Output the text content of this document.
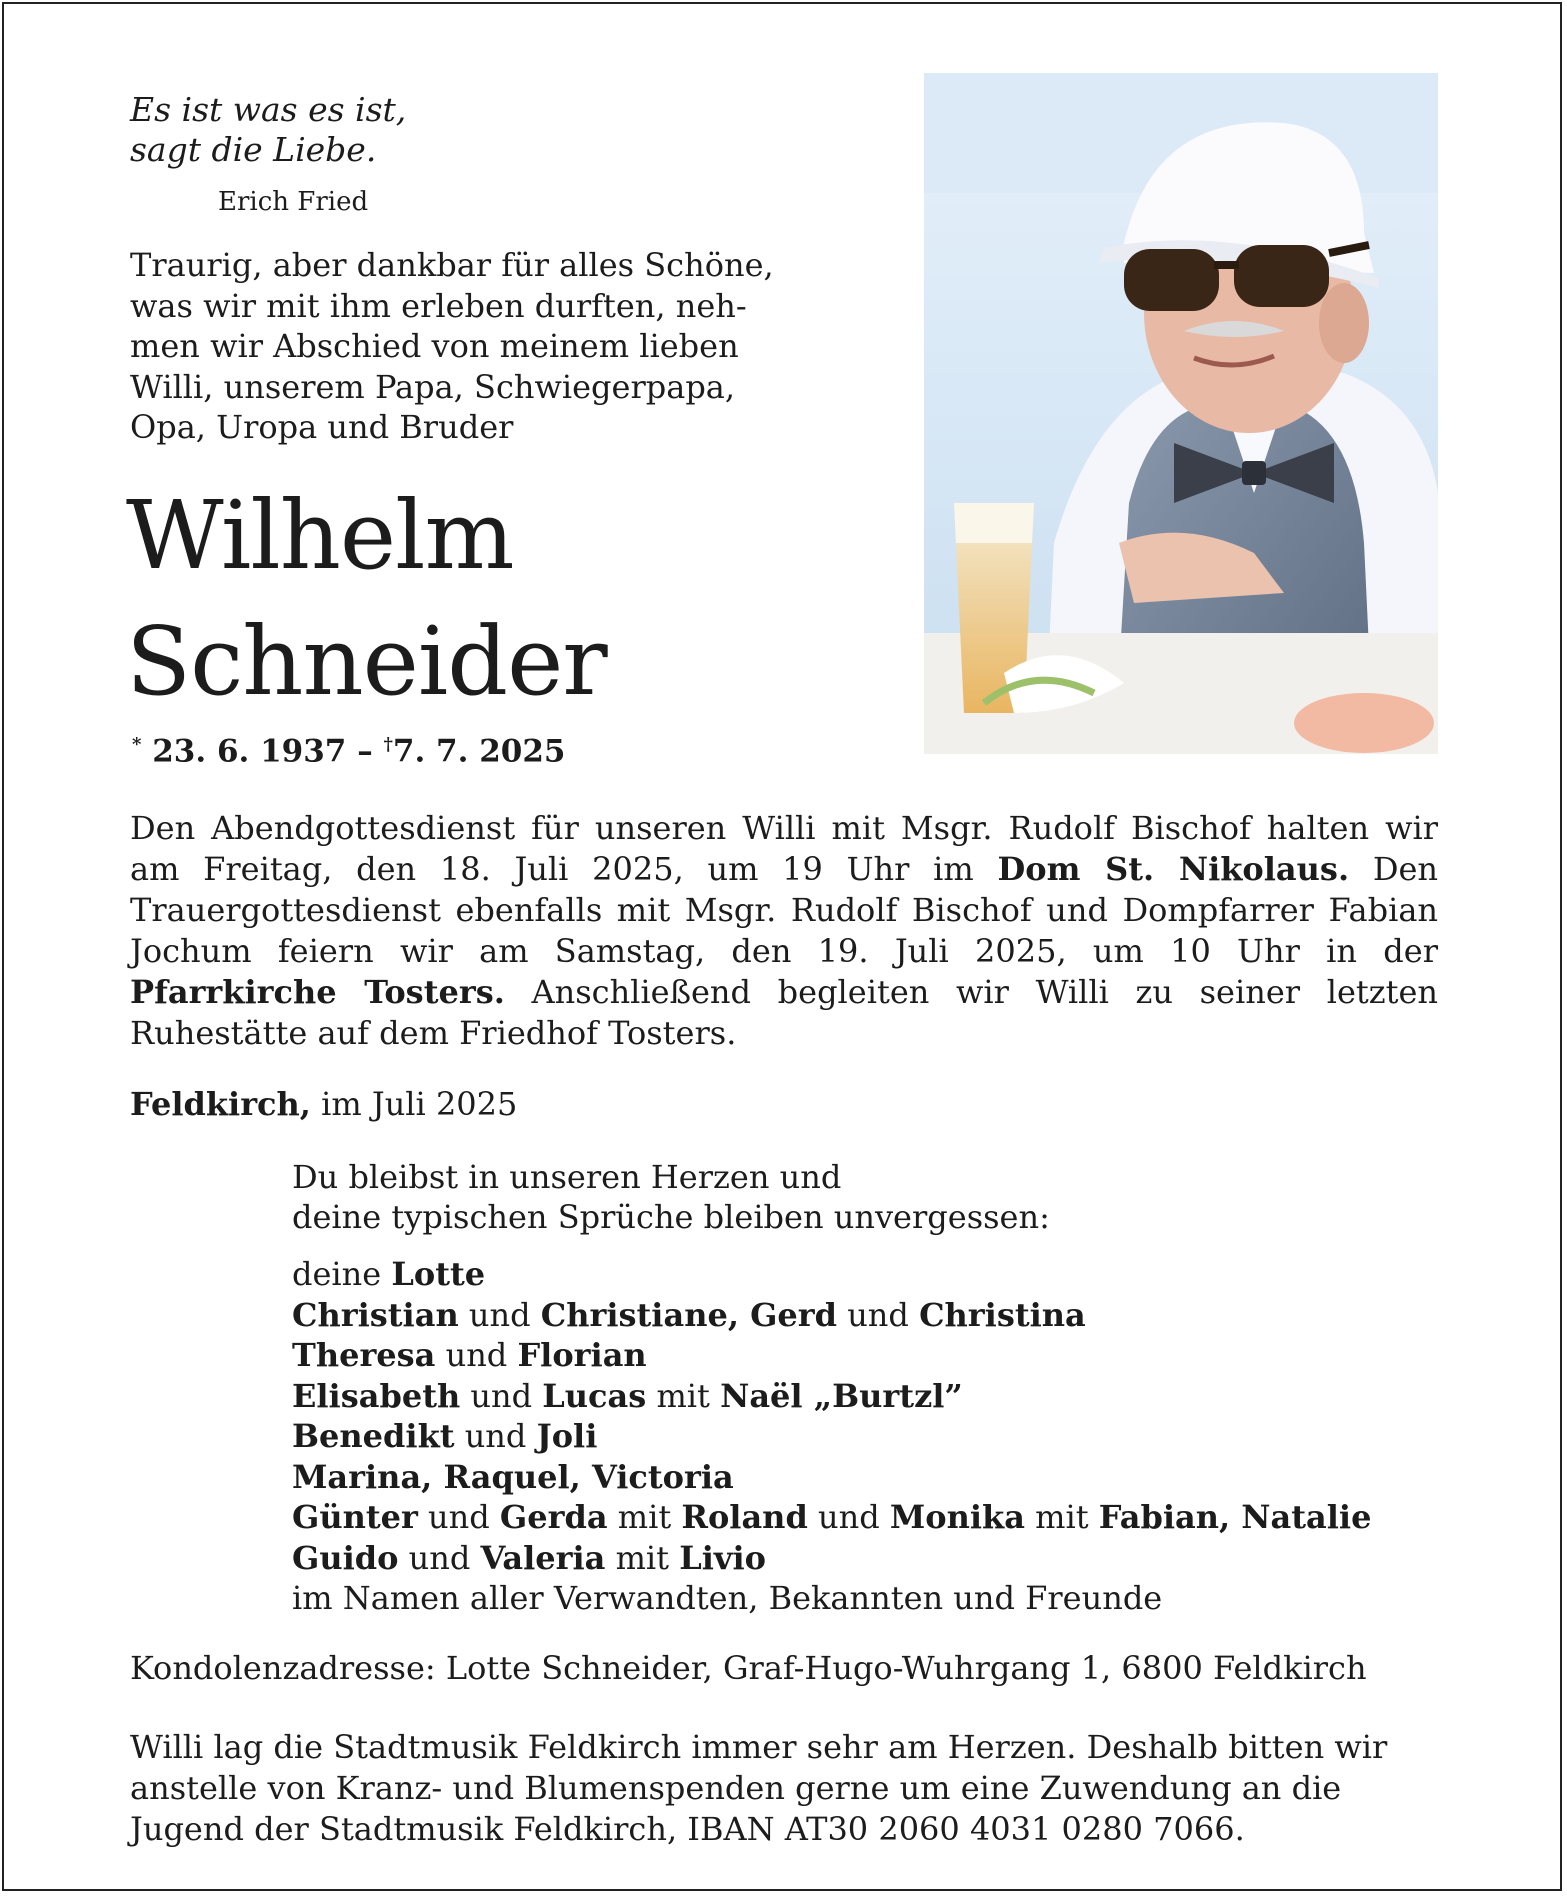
Es ist was es ist,
sagt die Liebe.
Erich Fried
Traurig, aber dankbar für alles Schöne,
was wir mit ihm erleben durften, neh-
men wir Abschied von meinem lieben
Willi, unserem Papa, Schwiegerpapa,
Opa, Uropa und Bruder
Wilhelm
Schneider
* 23. 6. 1937 – †7. 7. 2025
Den Abendgottesdienst für unseren Willi mit Msgr. Rudolf Bischof halten wir am Freitag, den 18. Juli 2025, um 19 Uhr im Dom St. Nikolaus. Den Trauergottesdienst ebenfalls mit Msgr. Rudolf Bischof und Dompfarrer Fabian Jochum feiern wir am Samstag, den 19. Juli 2025, um 10 Uhr in der Pfarrkirche Tosters. Anschließend begleiten wir Willi zu seiner letzten Ruhestätte auf dem Friedhof Tosters.
Feldkirch, im Juli 2025
Du bleibst in unseren Herzen und
deine typischen Sprüche bleiben unvergessen:
deine Lotte
Christian und Christiane, Gerd und Christina
Theresa und Florian
Elisabeth und Lucas mit Naël „Burtzl”
Benedikt und Joli
Marina, Raquel, Victoria
Günter und Gerda mit Roland und Monika mit Fabian, Natalie
Guido und Valeria mit Livio
im Namen aller Verwandten, Bekannten und Freunde
Kondolenzadresse: Lotte Schneider, Graf-Hugo-Wuhrgang 1, 6800 Feldkirch
Willi lag die Stadtmusik Feldkirch immer sehr am Herzen. Deshalb bitten wir
anstelle von Kranz- und Blumenspenden gerne um eine Zuwendung an die
Jugend der Stadtmusik Feldkirch, IBAN AT30 2060 4031 0280 7066.
